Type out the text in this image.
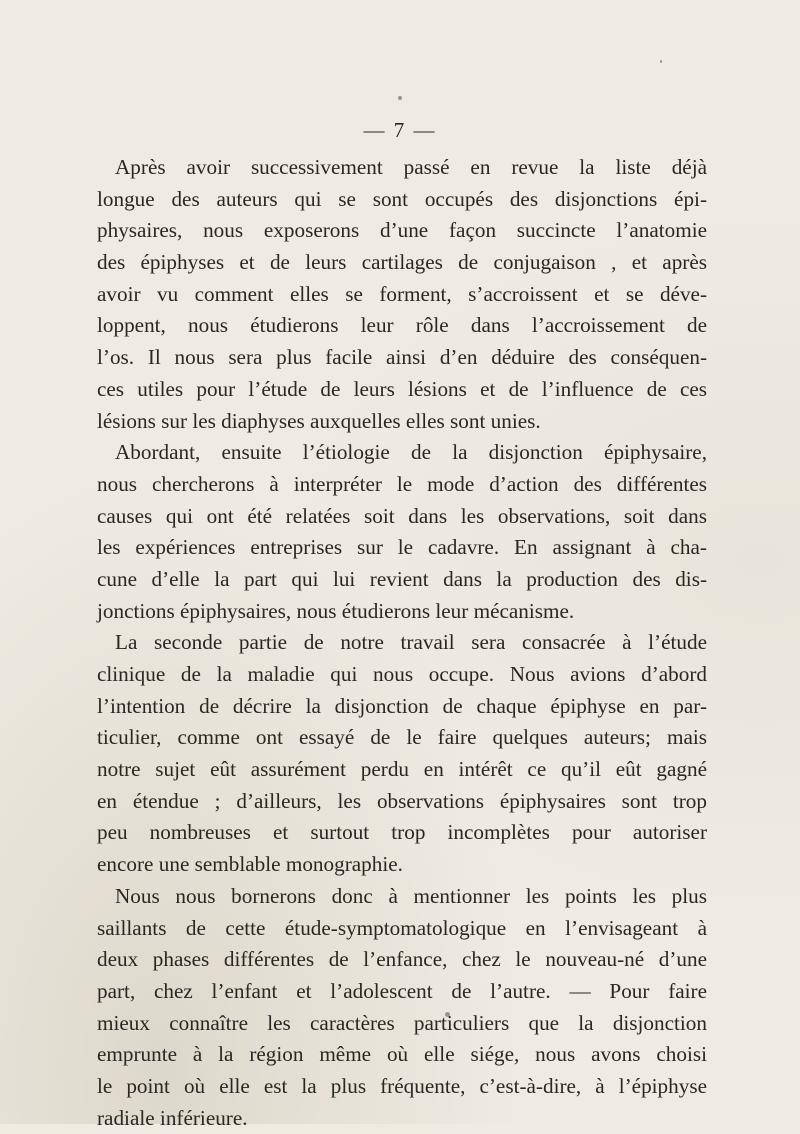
— 7 —
Après avoir successivement passé en revue la liste déjà
longue des auteurs qui se sont occupés des disjonctions épi-
physaires, nous exposerons d’une façon succincte l’anatomie
des épiphyses et de leurs cartilages de conjugaison , et après
avoir vu comment elles se forment, s’accroissent et se déve-
loppent, nous étudierons leur rôle dans l’accroissement de
l’os. Il nous sera plus facile ainsi d’en déduire des conséquen-
ces utiles pour l’étude de leurs lésions et de l’influence de ces
lésions sur les diaphyses auxquelles elles sont unies.
Abordant, ensuite l’étiologie de la disjonction épiphysaire,
nous chercherons à interpréter le mode d’action des différentes
causes qui ont été relatées soit dans les observations, soit dans
les expériences entreprises sur le cadavre. En assignant à cha-
cune d’elle la part qui lui revient dans la production des dis-
jonctions épiphysaires, nous étudierons leur mécanisme.
La seconde partie de notre travail sera consacrée à l’étude
clinique de la maladie qui nous occupe. Nous avions d’abord
l’intention de décrire la disjonction de chaque épiphyse en par-
ticulier, comme ont essayé de le faire quelques auteurs; mais
notre sujet eût assurément perdu en intérêt ce qu’il eût gagné
en étendue ; d’ailleurs, les observations épiphysaires sont trop
peu nombreuses et surtout trop incomplètes pour autoriser
encore une semblable monographie.
Nous nous bornerons donc à mentionner les points les plus
saillants de cette étude-symptomatologique en l’envisageant à
deux phases différentes de l’enfance, chez le nouveau-né d’une
part, chez l’enfant et l’adolescent de l’autre. — Pour faire
mieux connaître les caractères particuliers que la disjonction
emprunte à la région même où elle siége, nous avons choisi
le point où elle est la plus fréquente, c’est-à-dire, à l’épiphyse
radiale inférieure.
